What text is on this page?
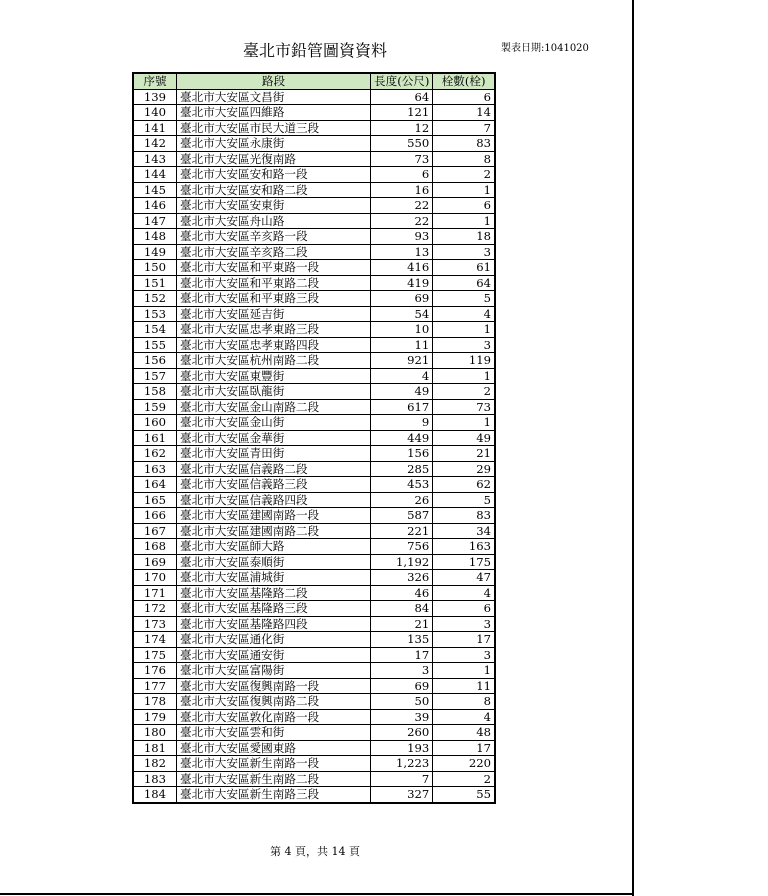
臺北市鉛管圖資資料	製表日期:1041020
序號	路段	長度(公尺)	栓數(栓)
139	臺北市大安區文昌街	64	6
140	臺北市大安區四維路	121	14
141	臺北市大安區市民大道三段	12	7
142	臺北市大安區永康街	550	83
143	臺北市大安區光復南路	73	8
144	臺北市大安區安和路一段	6	2
145	臺北市大安區安和路二段	16	1
146	臺北市大安區安東街	22	6
147	臺北市大安區舟山路	22	1
148	臺北市大安區辛亥路一段	93	18
149	臺北市大安區辛亥路二段	13	3
150	臺北市大安區和平東路一段	416	61
151	臺北市大安區和平東路二段	419	64
152	臺北市大安區和平東路三段	69	5
153	臺北市大安區延吉街	54	4
154	臺北市大安區忠孝東路三段	10	1
155	臺北市大安區忠孝東路四段	11	3
156	臺北市大安區杭州南路二段	921	119
157	臺北市大安區東豐街	4	1
158	臺北市大安區臥龍街	49	2
159	臺北市大安區金山南路二段	617	73
160	臺北市大安區金山街	9	1
161	臺北市大安區金華街	449	49
162	臺北市大安區青田街	156	21
163	臺北市大安區信義路二段	285	29
164	臺北市大安區信義路三段	453	62
165	臺北市大安區信義路四段	26	5
166	臺北市大安區建國南路一段	587	83
167	臺北市大安區建國南路二段	221	34
168	臺北市大安區師大路	756	163
169	臺北市大安區泰順街	1,192	175
170	臺北市大安區浦城街	326	47
171	臺北市大安區基隆路二段	46	4
172	臺北市大安區基隆路三段	84	6
173	臺北市大安區基隆路四段	21	3
174	臺北市大安區通化街	135	17
175	臺北市大安區通安街	17	3
176	臺北市大安區富陽街	3	1
177	臺北市大安區復興南路一段	69	11
178	臺北市大安區復興南路二段	50	8
179	臺北市大安區敦化南路一段	39	4
180	臺北市大安區雲和街	260	48
181	臺北市大安區愛國東路	193	17
182	臺北市大安區新生南路一段	1,223	220
183	臺北市大安區新生南路二段	7	2
184	臺北市大安區新生南路三段	327	55
第 4 頁，共 14 頁
